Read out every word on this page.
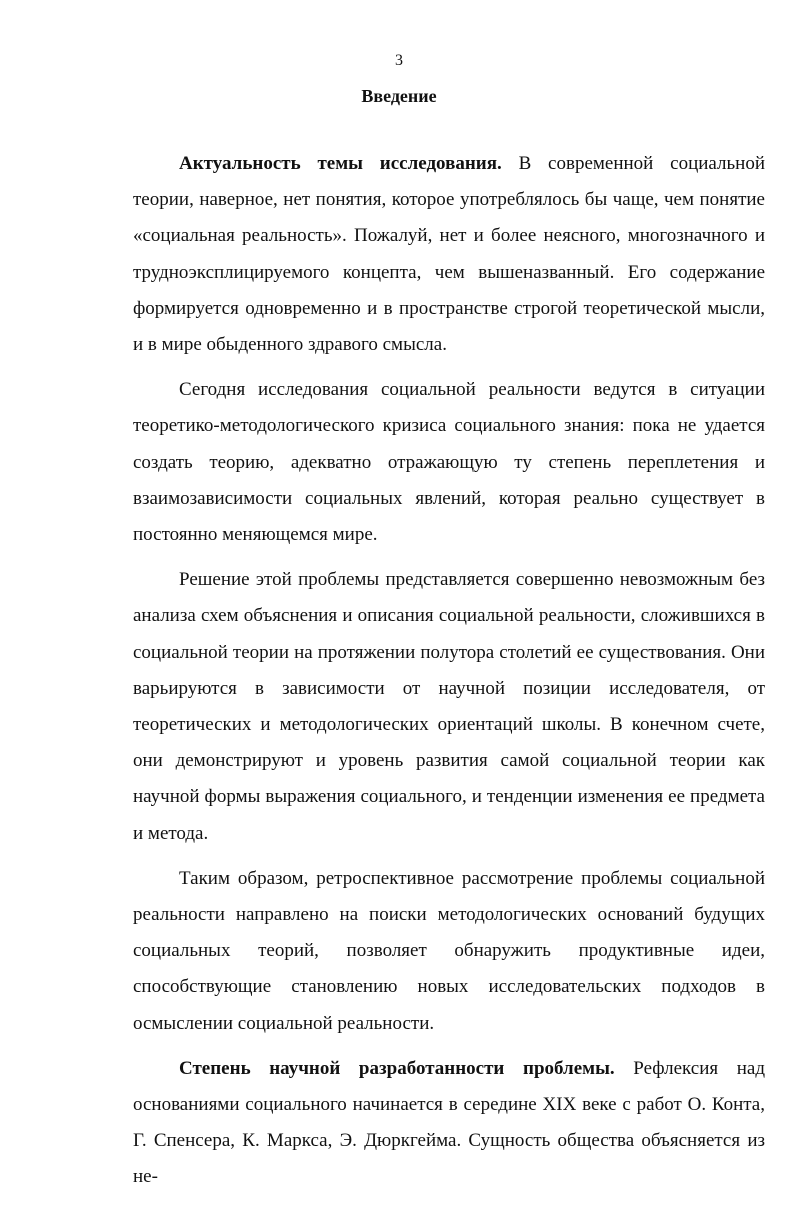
3
Введение

Актуальность темы исследования. В современной социальной теории, наверное, нет понятия, которое употреблялось бы чаще, чем понятие «социальная реальность». Пожалуй, нет и более неясного, многозначного и трудноэксплицируемого концепта, чем вышеназванный. Его содержание формируется одновременно и в пространстве строгой теоретической мысли, и в мире обыденного здравого смысла.

Сегодня исследования социальной реальности ведутся в ситуации теоретико-методологического кризиса социального знания: пока не удается создать теорию, адекватно отражающую ту степень переплетения и взаимозависимости социальных явлений, которая реально существует в постоянно меняющемся мире.

Решение этой проблемы представляется совершенно невозможным без анализа схем объяснения и описания социальной реальности, сложившихся в социальной теории на протяжении полутора столетий ее существования. Они варьируются в зависимости от научной позиции исследователя, от теоретических и методологических ориентаций школы. В конечном счете, они демонстрируют и уровень развития самой социальной теории как научной формы выражения социального, и тенденции изменения ее предмета и метода.

Таким образом, ретроспективное рассмотрение проблемы социальной реальности направлено на поиски методологических оснований будущих социальных теорий, позволяет обнаружить продуктивные идеи, способствующие становлению новых исследовательских подходов в осмыслении социальной реальности.

Степень научной разработанности проблемы. Рефлексия над основаниями социального начинается в середине XIX веке с работ О. Конта, Г. Спенсера, К. Маркса, Э. Дюркгейма. Сущность общества объясняется из не-
